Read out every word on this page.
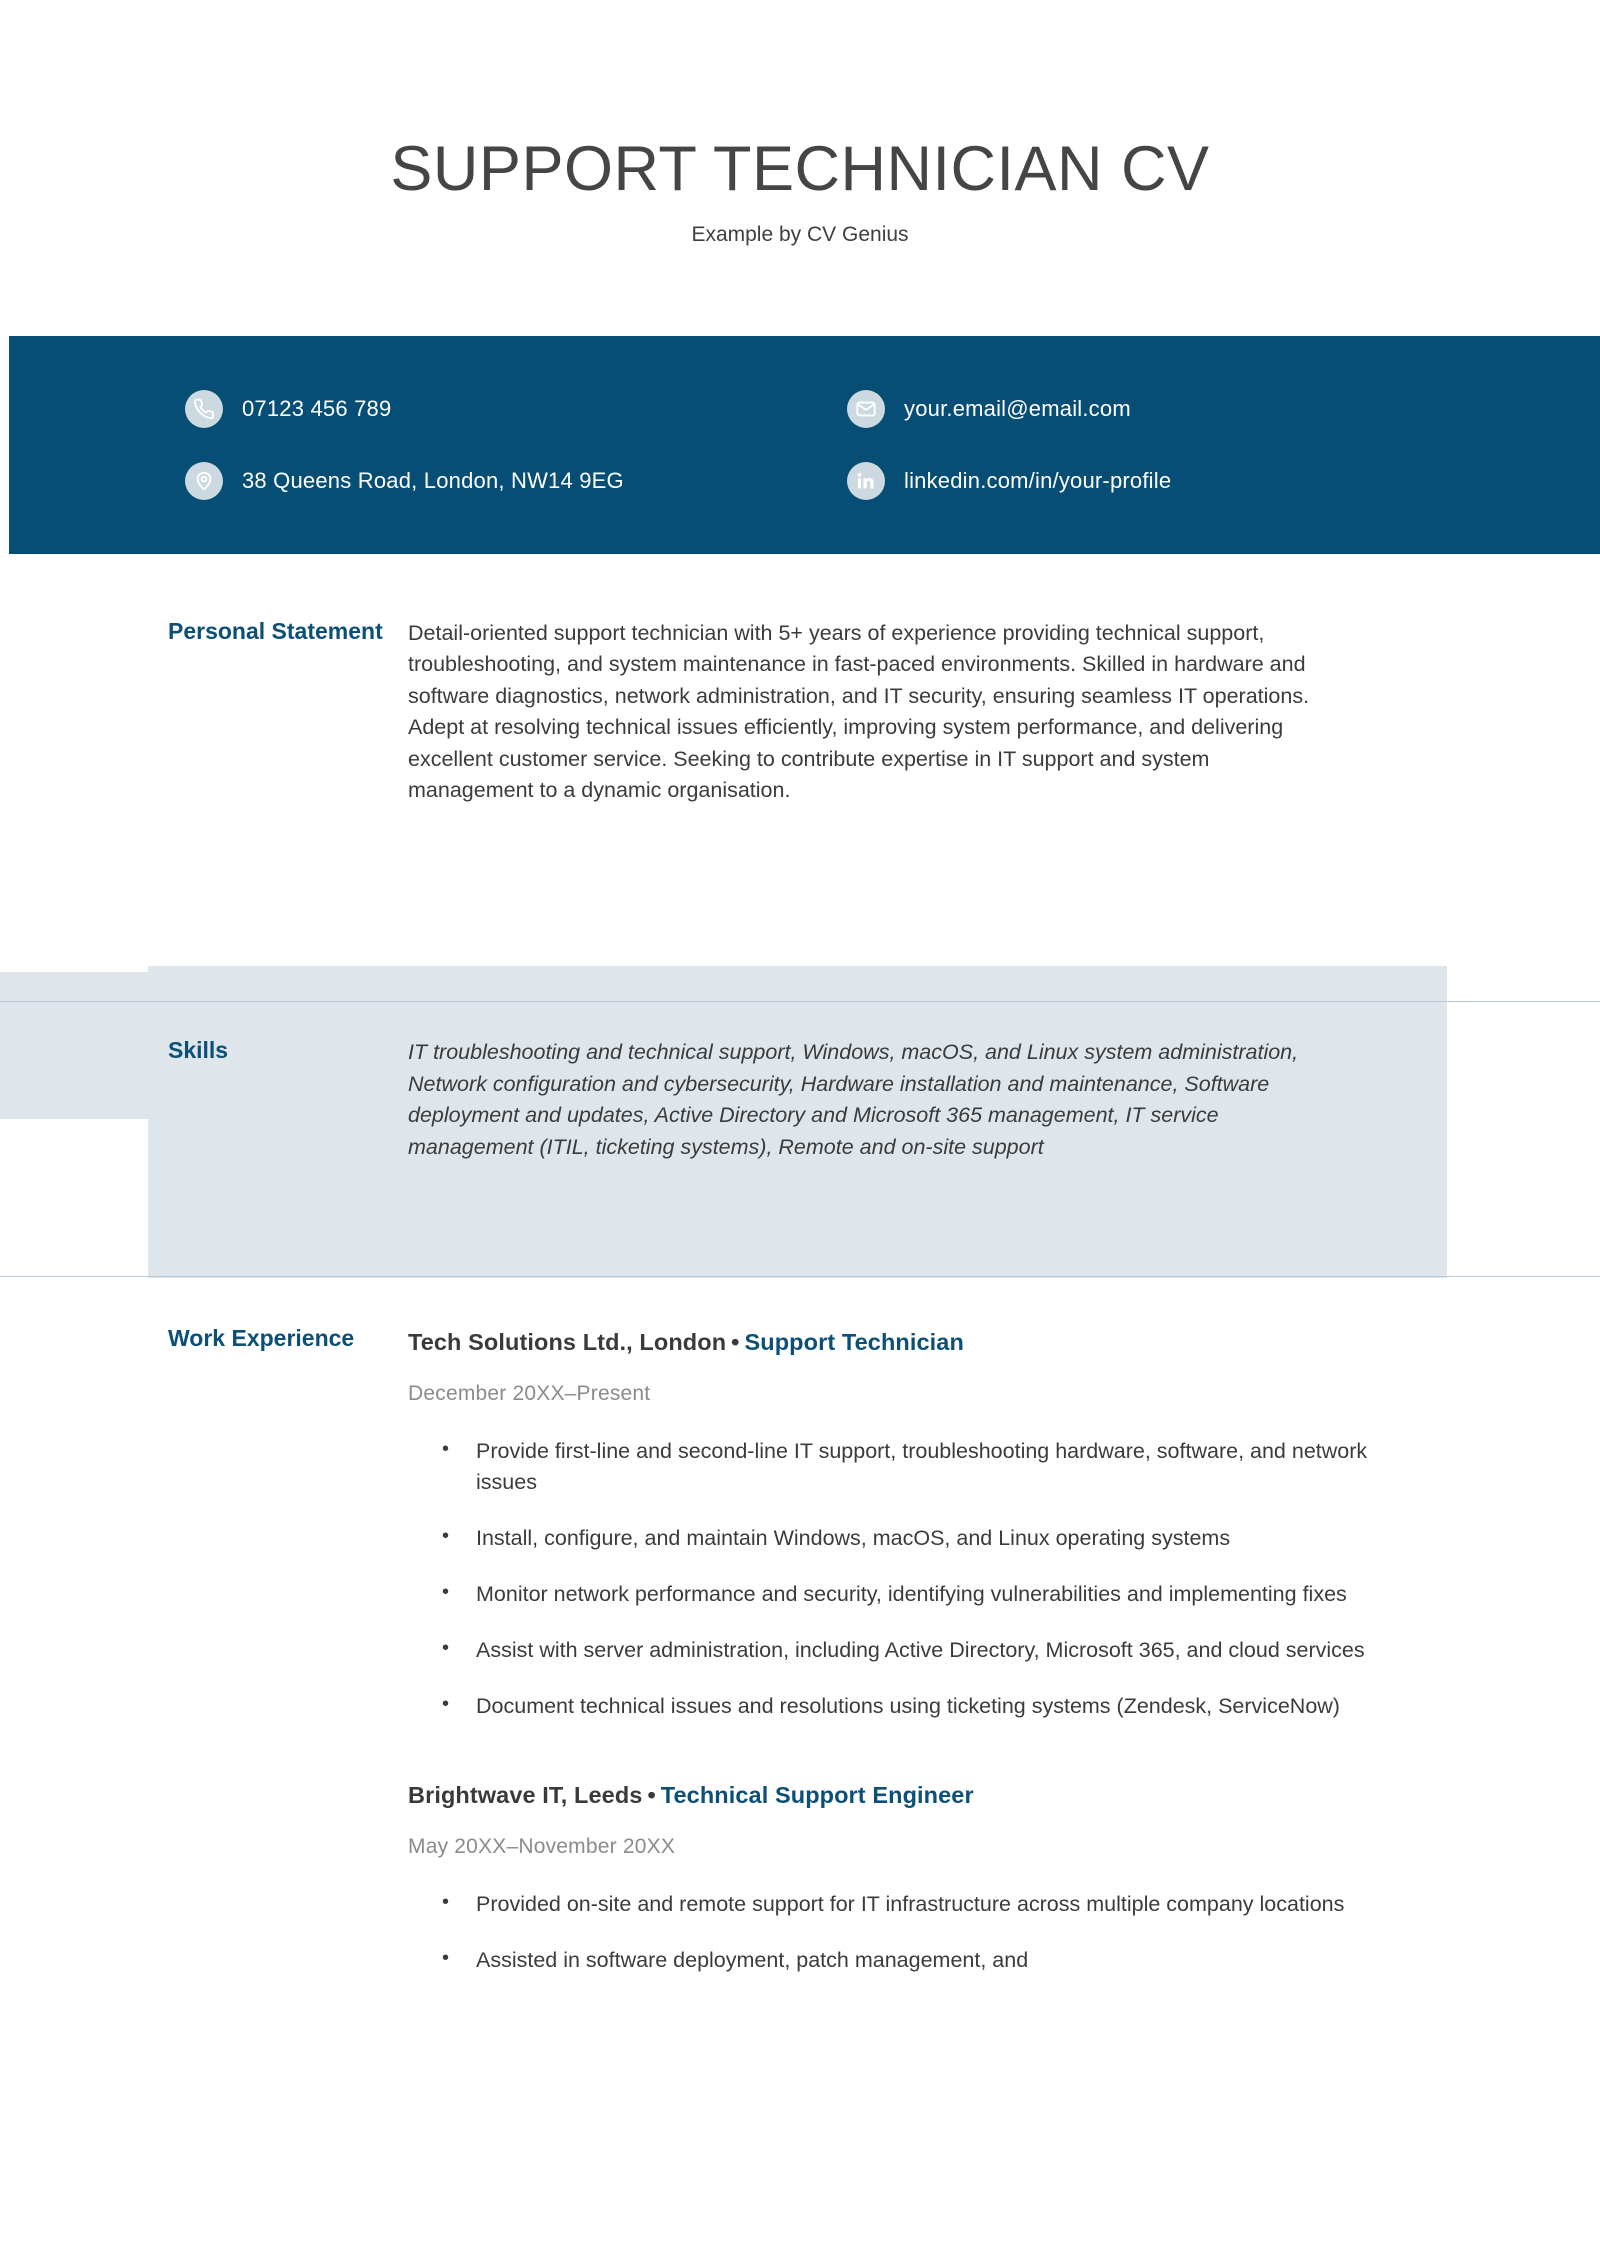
SUPPORT TECHNICIAN CV
Example by CV Genius
07123 456 789	your.email@email.com
38 Queens Road, London, NW14 9EG	linkedin.com/in/your-profile
Personal Statement	Detail-oriented support technician with 5+ years of experience providing technical support, troubleshooting, and system maintenance in fast-paced environments. Skilled in hardware and software diagnostics, network administration, and IT security, ensuring seamless IT operations. Adept at resolving technical issues efficiently, improving system performance, and delivering excellent customer service. Seeking to contribute expertise in IT support and system management to a dynamic organisation.
Skills	IT troubleshooting and technical support, Windows, macOS, and Linux system administration, Network configuration and cybersecurity, Hardware installation and maintenance, Software deployment and updates, Active Directory and Microsoft 365 management, IT service management (ITIL, ticketing systems), Remote and on-site support
Work Experience	Tech Solutions Ltd., London • Support Technician
December 20XX–Present
• Provide first-line and second-line IT support, troubleshooting hardware, software, and network issues
• Install, configure, and maintain Windows, macOS, and Linux operating systems
• Monitor network performance and security, identifying vulnerabilities and implementing fixes
• Assist with server administration, including Active Directory, Microsoft 365, and cloud services
• Document technical issues and resolutions using ticketing systems (Zendesk, ServiceNow)
Brightwave IT, Leeds • Technical Support Engineer
May 20XX–November 20XX
• Provided on-site and remote support for IT infrastructure across multiple company locations
• Assisted in software deployment, patch management, and
